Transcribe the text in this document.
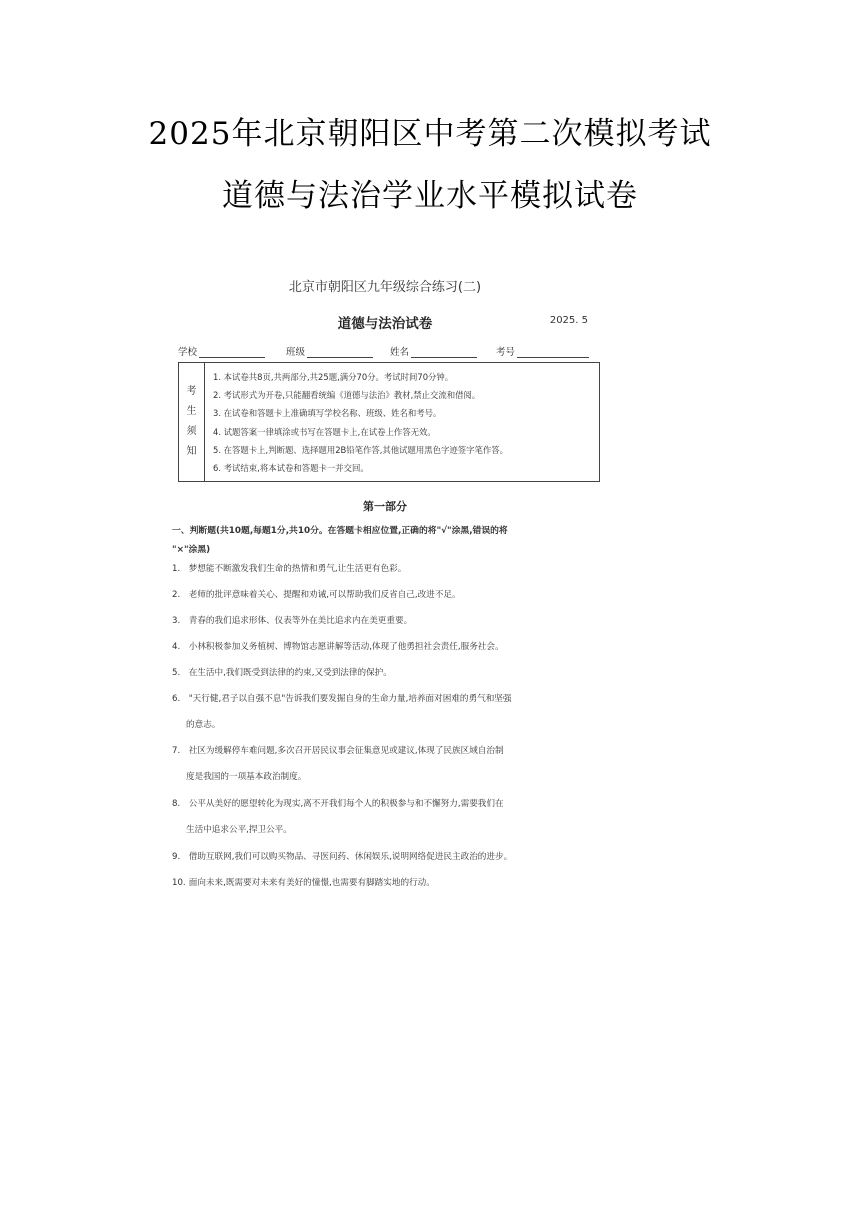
2025年北京朝阳区中考第二次模拟考试
道德与法治学业水平模拟试卷
北京市朝阳区九年级综合练习(二)
道德与法治试卷	2025. 5
学校	班级	姓名	考号
考
生
须
知
1. 本试卷共8页,共两部分,共25题,满分70分。考试时间70分钟。
2. 考试形式为开卷,只能翻看统编《道德与法治》教材,禁止交流和借阅。
3. 在试卷和答题卡上准确填写学校名称、班级、姓名和考号。
4. 试题答案一律填涂或书写在答题卡上,在试卷上作答无效。
5. 在答题卡上,判断题、选择题用2B铅笔作答,其他试题用黑色字迹签字笔作答。
6. 考试结束,将本试卷和答题卡一并交回。
第一部分
一、判断题(共10题,每题1分,共10分。在答题卡相应位置,正确的将"√"涂黑,错误的将
"×"涂黑)
1. 梦想能不断激发我们生命的热情和勇气,让生活更有色彩。
2. 老师的批评意味着关心、提醒和劝诫,可以帮助我们反省自己,改进不足。
3. 青春的我们追求形体、仪表等外在美比追求内在美更重要。
4. 小林积极参加义务植树、博物馆志愿讲解等活动,体现了他勇担社会责任,服务社会。
5. 在生活中,我们既受到法律的约束,又受到法律的保护。
6. "天行健,君子以自强不息"告诉我们要发掘自身的生命力量,培养面对困难的勇气和坚强
的意志。
7. 社区为缓解停车难问题,多次召开居民议事会征集意见或建议,体现了民族区域自治制
度是我国的一项基本政治制度。
8. 公平从美好的愿望转化为现实,离不开我们每个人的积极参与和不懈努力,需要我们在
生活中追求公平,捍卫公平。
9. 借助互联网,我们可以购买物品、寻医问药、休闲娱乐,说明网络促进民主政治的进步。
10. 面向未来,既需要对未来有美好的憧憬,也需要有脚踏实地的行动。
